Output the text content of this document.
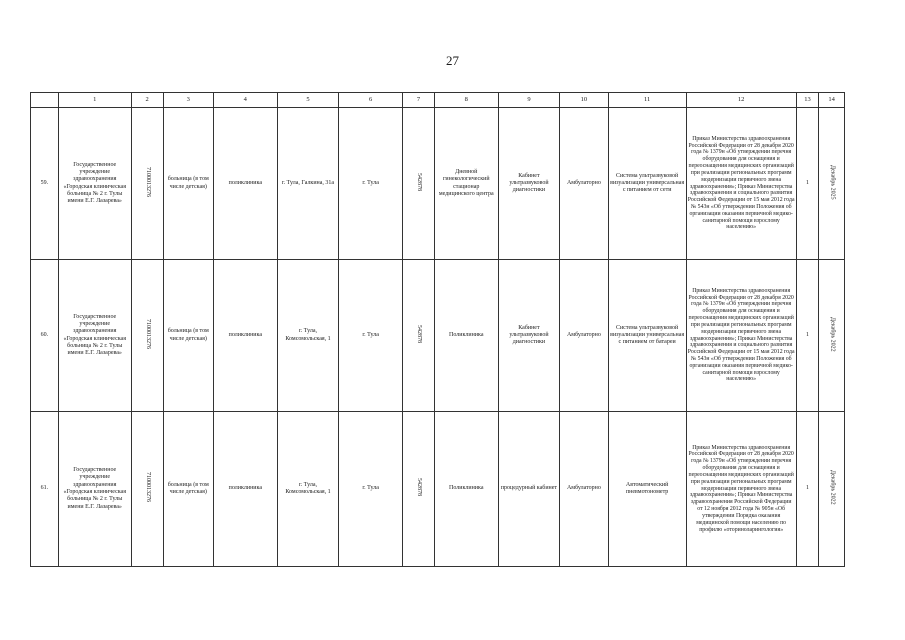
27
	1	2	3	4	5	6	7	8	9	10	11	12	13	14
59.	Государственное учреждение здравоохранения «Городская клиническая больница № 2 г. Тулы имени Е.Г. Лазарева»	7100013276	больница (в том числе детская)	поликлиника	г. Тула, Галкина, 31а	г. Тула	542878	Дневной гинекологический стационар медицинского центра	Кабинет ультразвуковой диагностики	Амбулаторно	Система ультразвуковой визуализации универсальная с питанием от сети	Приказ Министерства здравоохранения Российской Федерации от 28 декабря 2020 года № 1379н «Об утверждении перечня оборудования для оснащения и переоснащения медицинских организаций при реализации региональных программ модернизации первичного звена здравоохранения»; Приказ Министерства здравоохранения и социального развития Российской Федерации от 15 мая 2012 года № 543н «Об утверждении Положения об организации оказания первичной медико-санитарной помощи взрослому населению»	1	Декабрь 2025
60.	Государственное учреждение здравоохранения «Городская клиническая больница № 2 г. Тулы имени Е.Г. Лазарева»	7100013276	больница (в том числе детская)	поликлиника	г. Тула, Комсомольская, 1	г. Тула	542878	Поликлиника	Кабинет ультразвуковой диагностики	Амбулаторно	Система ультразвуковой визуализации универсальная с питанием от батареи	Приказ Министерства здравоохранения Российской Федерации от 28 декабря 2020 года № 1379н «Об утверждении перечня оборудования для оснащения и переоснащения медицинских организаций при реализации региональных программ модернизации первичного звена здравоохранения»; Приказ Министерства здравоохранения и социального развития Российской Федерации от 15 мая 2012 года № 543н «Об утверждении Положения об организации оказания первичной медико-санитарной помощи взрослому населению»	1	Декабрь 2022
61.	Государственное учреждение здравоохранения «Городская клиническая больница № 2 г. Тулы имени Е.Г. Лазарева»	7100013276	больница (в том числе детская)	поликлиника	г. Тула, Комсомольская, 1	г. Тула	542878	Поликлиника	процедурный кабинет	Амбулаторно	Автоматический пневмотонометр	Приказ Министерства здравоохранения Российской Федерации от 28 декабря 2020 года № 1379н «Об утверждении перечня оборудования для оснащения и переоснащения медицинских организаций при реализации региональных программ модернизации первичного звена здравоохранения»; Приказ Министерства здравоохранения Российской Федерации от 12 ноября 2012 года № 905н «Об утверждении Порядка оказания медицинской помощи населению по профилю «оториноларингология»	1	Декабрь 2022
